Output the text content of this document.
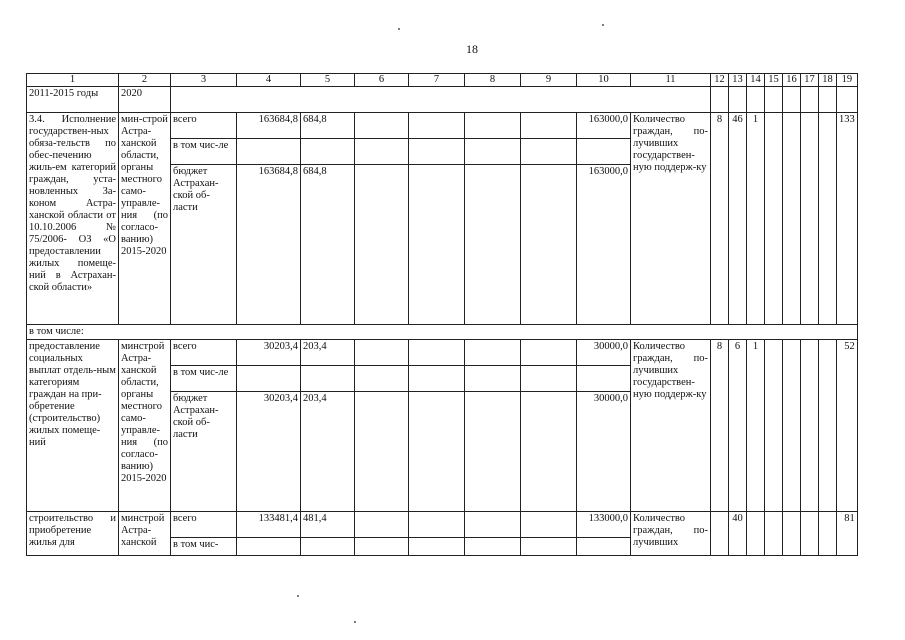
18
1	2	3	4	5	6	7	8	9	10	11	12	13	14	15	16	17	18	19
2011-2015 годы	2020																	
3.4. Исполнение государствен-ных обяза-тельств по обес-печению жиль-ем категорий граждан, уста-новленных За-коном Астра-ханской области от 10.10.2006 № 75/2006- ОЗ «О предоставлении жилых помеще-ний в Астрахан-ской области»	мин-строй Астра-ханской области, органы местного само-управле-ния (по согласо-ванию) 2015-2020	всего	163684,8	684,8					163000,0	Количество граждан, по-лучивших государствен-ную поддерж-ку	8	46	1					133
		в том чис-ле																
		бюджет Астрахан-ской об-ласти	163684,8	684,8					163000,0									
в том числе:																		
предоставление социальных выплат отдель-ным категориям граждан на при-обретение (строительство) жилых помеще-ний	минстрой Астра-ханской области, органы местного само-управле-ния (по согласо-ванию) 2015-2020	всего	30203,4	203,4					30000,0	Количество граждан, по-лучивших государствен-ную поддерж-ку	8	6	1					52
		в том чис-ле																
		бюджет Астрахан-ской об-ласти	30203,4	203,4					30000,0									
строительство и приобретение жилья для	минстрой Астра-ханской	всего	133481,4	481,4					133000,0	Количество граждан, по-лучивших		40						81
		в том чис-																
